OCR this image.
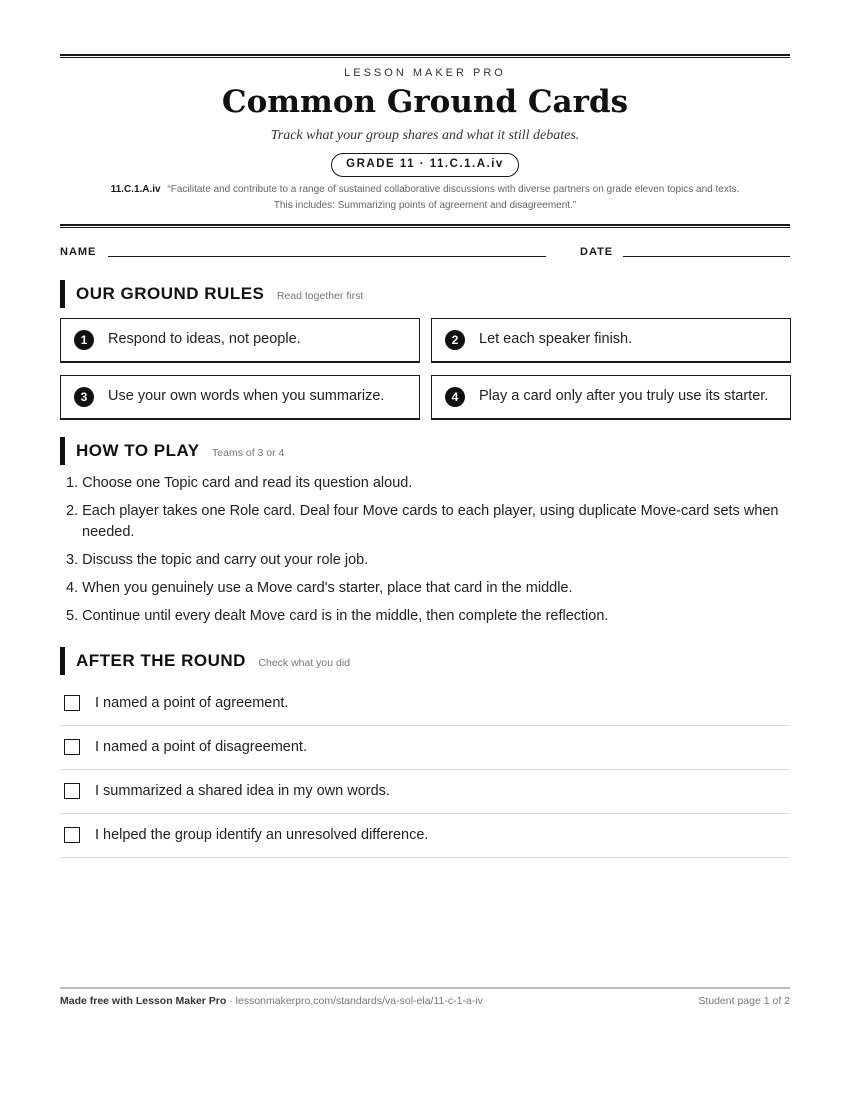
LESSON MAKER PRO
Common Ground Cards
Track what your group shares and what it still debates.
GRADE 11 · 11.C.1.A.iv
11.C.1.A.iv “Facilitate and contribute to a range of sustained collaborative discussions with diverse partners on grade eleven topics and texts.
This includes: Summarizing points of agreement and disagreement.”
NAME	DATE
OUR GROUND RULES Read together first
1	Respond to ideas, not people.	2	Let each speaker finish.
3	Use your own words when you summarize.	4	Play a card only after you truly use its starter.
HOW TO PLAY Teams of 3 or 4
1. Choose one Topic card and read its question aloud.
2. Each player takes one Role card. Deal four Move cards to each player, using duplicate Move-card sets when needed.
3. Discuss the topic and carry out your role job.
4. When you genuinely use a Move card's starter, place that card in the middle.
5. Continue until every dealt Move card is in the middle, then complete the reflection.
AFTER THE ROUND Check what you did
I named a point of agreement.
I named a point of disagreement.
I summarized a shared idea in my own words.
I helped the group identify an unresolved difference.
Made free with Lesson Maker Pro · lessonmakerpro.com/standards/va-sol-ela/11-c-1-a-iv	Student page 1 of 2
